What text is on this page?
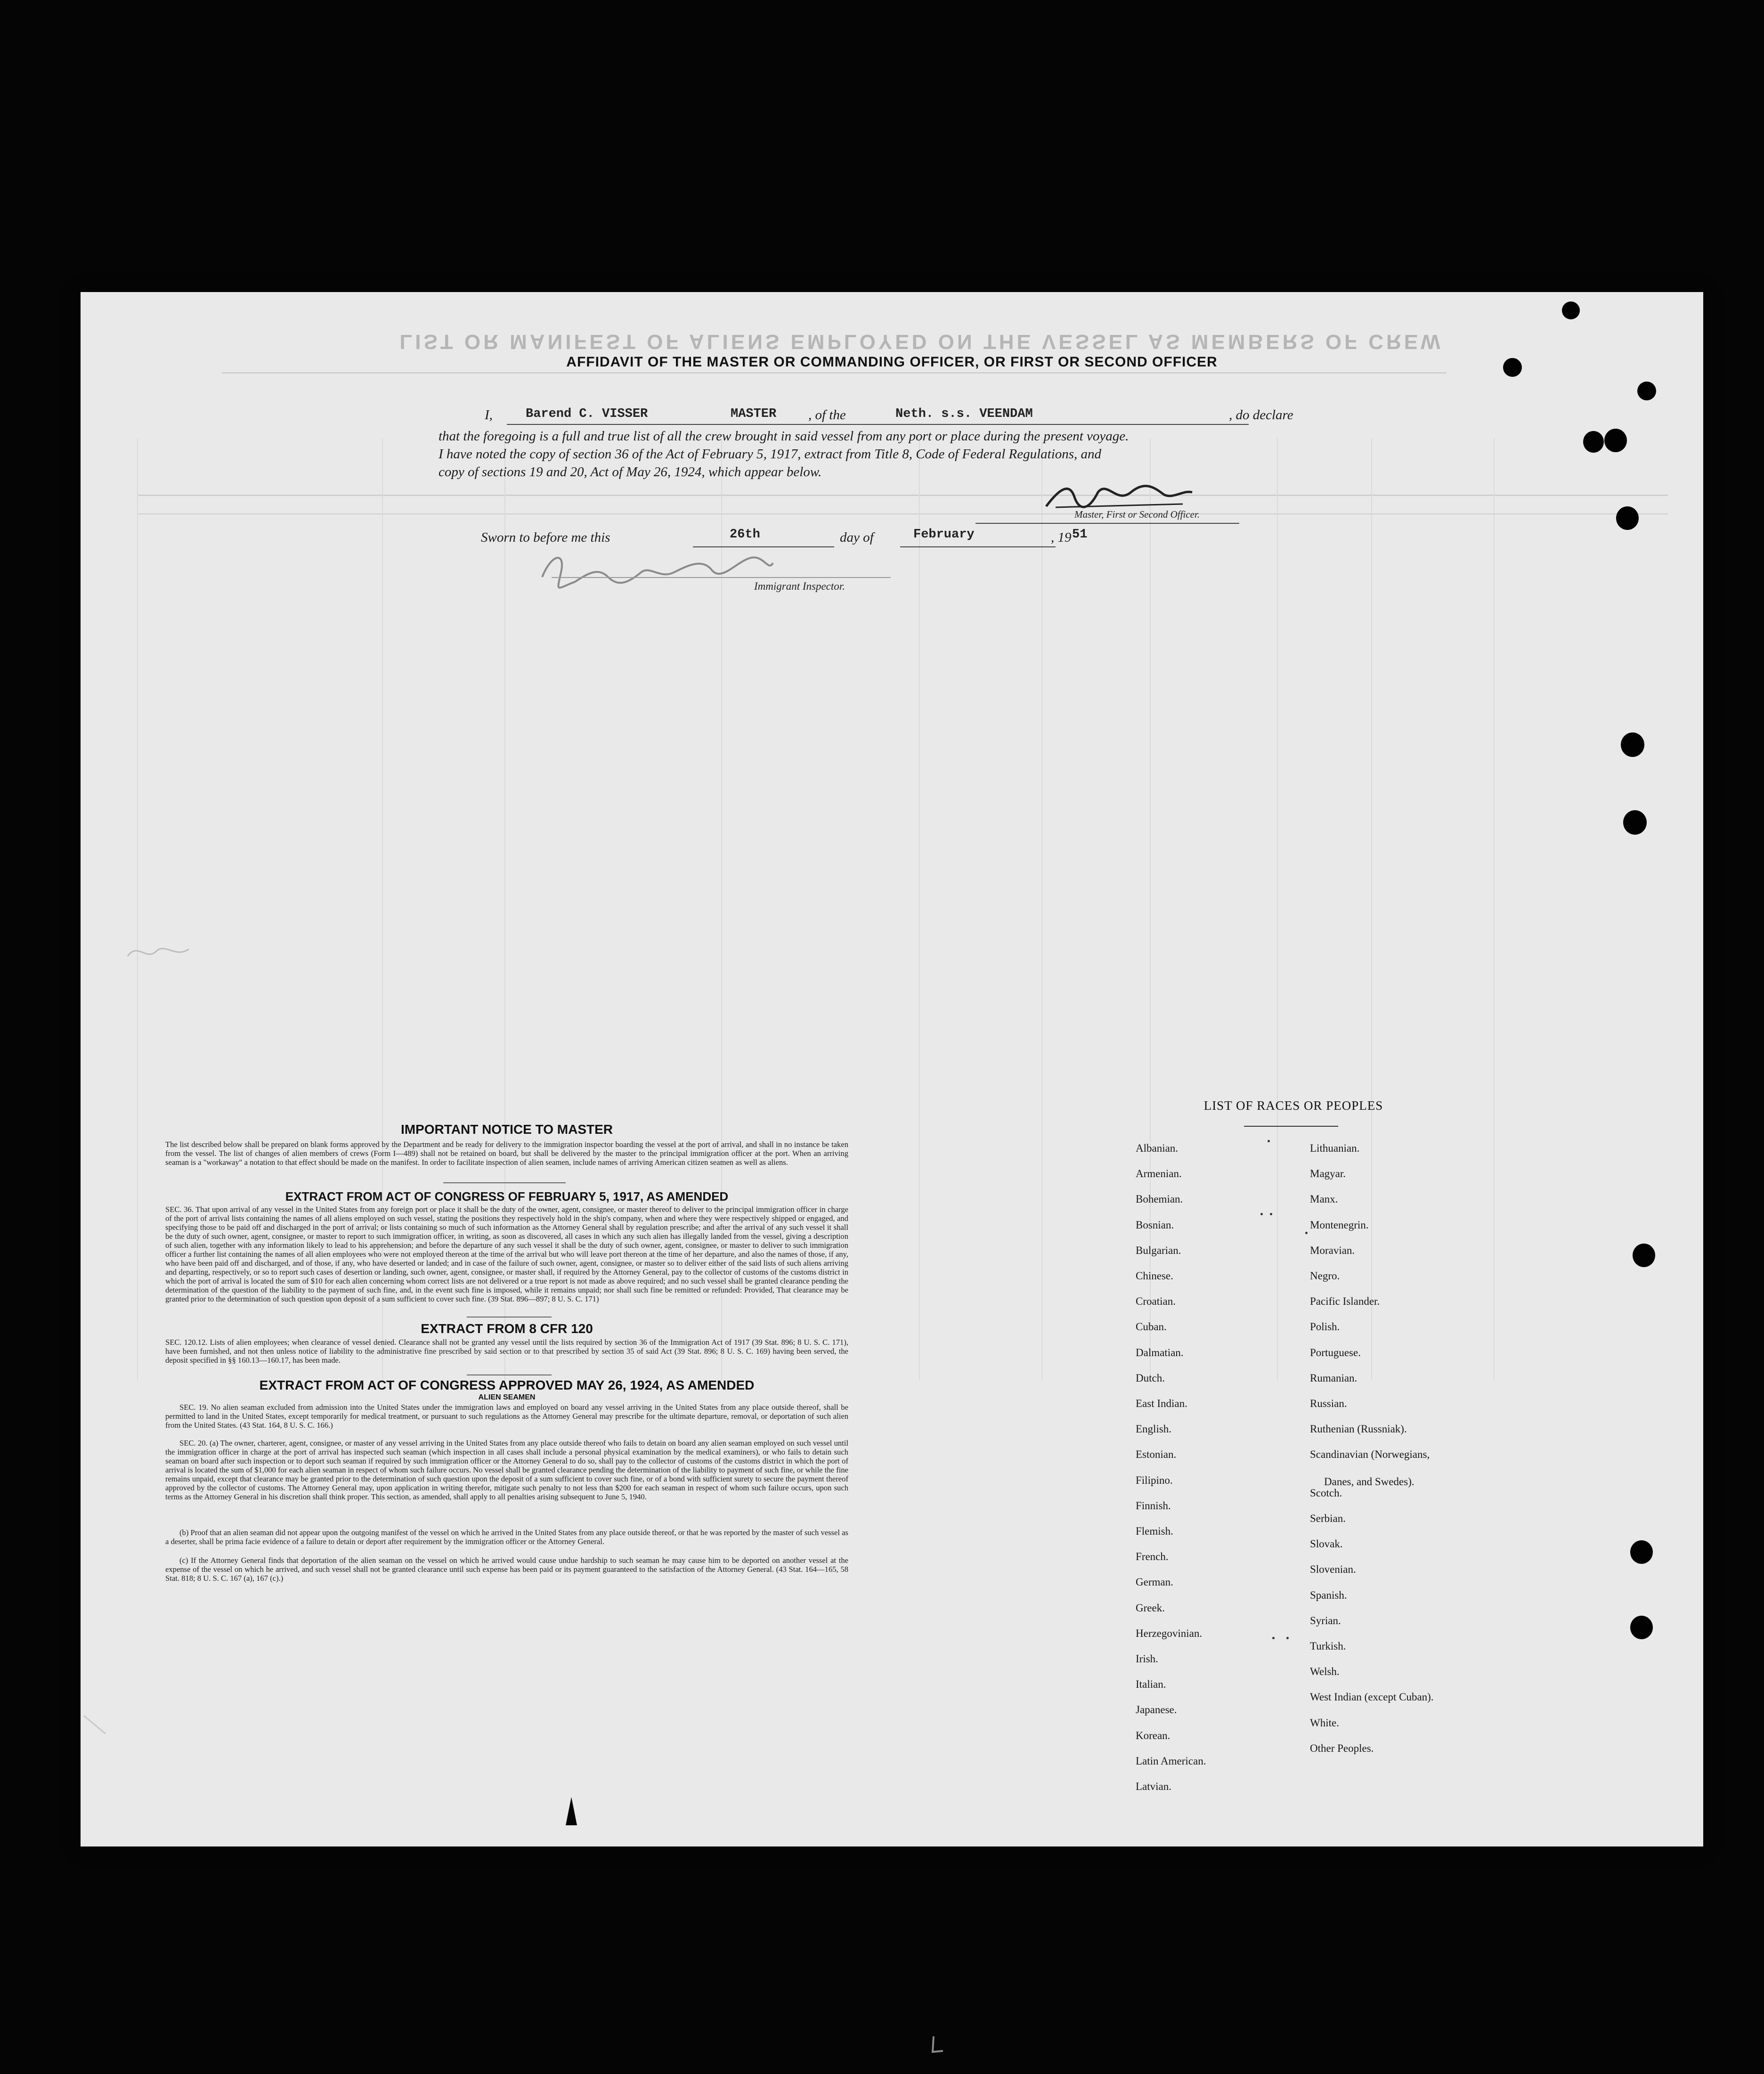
LIST OR MANIFEST OF ALIENS EMPLOYED ON THE VESSEL AS MEMBERS OF CREW
AFFIDAVIT OF THE MASTER OR COMMANDING OFFICER, OR FIRST OR SECOND OFFICER
I,	Barend C. VISSER	MASTER , of the	Neth. s.s. VEENDAM	, do declare
that the foregoing is a full and true list of all the crew brought in said vessel from any port or place during the present voyage.
I have noted the copy of section 36 of the Act of February 5, 1917, extract from Title 8, Code of Federal Regulations, and
copy of sections 19 and 20, Act of May 26, 1924, which appear below.
Master, First or Second Officer.
Sworn to before me this	26th	day of	February	, 19 51
Immigrant Inspector.
IMPORTANT NOTICE TO MASTER
The list described below shall be prepared on blank forms approved by the Department and be ready for delivery to the immigration inspector boarding the vessel at the port of arrival, and shall in no instance be taken from the vessel. The list of changes of alien members of crews (Form I—489) shall not be retained on board, but shall be delivered by the master to the principal immigration officer at the port. When an arriving seaman is a "workaway" a notation to that effect should be made on the manifest. In order to facilitate inspection of alien seamen, include names of arriving American citizen seamen as well as aliens.
EXTRACT FROM ACT OF CONGRESS OF FEBRUARY 5, 1917, AS AMENDED
SEC. 36. That upon arrival of any vessel in the United States from any foreign port or place it shall be the duty of the owner, agent, consignee, or master thereof to deliver to the principal immigration officer in charge of the port of arrival lists containing the names of all aliens employed on such vessel, stating the positions they respectively hold in the ship's company, when and where they were respectively shipped or engaged, and specifying those to be paid off and discharged in the port of arrival; or lists containing so much of such information as the Attorney General shall by regulation prescribe; and after the arrival of any such vessel it shall be the duty of such owner, agent, consignee, or master to report to such immigration officer, in writing, as soon as discovered, all cases in which any such alien has illegally landed from the vessel, giving a description of such alien, together with any information likely to lead to his apprehension; and before the departure of any such vessel it shall be the duty of such owner, agent, consignee, or master to deliver to such immigration officer a further list containing the names of all alien employees who were not employed thereon at the time of the arrival but who will leave port thereon at the time of her departure, and also the names of those, if any, who have been paid off and discharged, and of those, if any, who have deserted or landed; and in case of the failure of such owner, agent, consignee, or master so to deliver either of the said lists of such aliens arriving and departing, respectively, or so to report such cases of desertion or landing, such owner, agent, consignee, or master shall, if required by the Attorney General, pay to the collector of customs of the customs district in which the port of arrival is located the sum of $10 for each alien concerning whom correct lists are not delivered or a true report is not made as above required; and no such vessel shall be granted clearance pending the determination of the question of the liability to the payment of such fine, and, in the event such fine is imposed, while it remains unpaid; nor shall such fine be remitted or refunded: Provided, That clearance may be granted prior to the determination of such question upon deposit of a sum sufficient to cover such fine. (39 Stat. 896—897; 8 U. S. C. 171)
EXTRACT FROM 8 CFR 120
SEC. 120.12. Lists of alien employees; when clearance of vessel denied. Clearance shall not be granted any vessel until the lists required by section 36 of the Immigration Act of 1917 (39 Stat. 896; 8 U. S. C. 171), have been furnished, and not then unless notice of liability to the administrative fine prescribed by said section or to that prescribed by section 35 of said Act (39 Stat. 896; 8 U. S. C. 169) having been served, the deposit specified in §§ 160.13—160.17, has been made.
EXTRACT FROM ACT OF CONGRESS APPROVED MAY 26, 1924, AS AMENDED
ALIEN SEAMEN
SEC. 19. No alien seaman excluded from admission into the United States under the immigration laws and employed on board any vessel arriving in the United States from any place outside thereof, shall be permitted to land in the United States, except temporarily for medical treatment, or pursuant to such regulations as the Attorney General may prescribe for the ultimate departure, removal, or deportation of such alien from the United States. (43 Stat. 164, 8 U. S. C. 166.)
SEC. 20. (a) The owner, charterer, agent, consignee, or master of any vessel arriving in the United States from any place outside thereof who fails to detain on board any alien seaman employed on such vessel until the immigration officer in charge at the port of arrival has inspected such seaman (which inspection in all cases shall include a personal physical examination by the medical examiners), or who fails to detain such seaman on board after such inspection or to deport such seaman if required by such immigration officer or the Attorney General to do so, shall pay to the collector of customs of the customs district in which the port of arrival is located the sum of $1,000 for each alien seaman in respect of whom such failure occurs. No vessel shall be granted clearance pending the determination of the liability to payment of such fine, or while the fine remains unpaid, except that clearance may be granted prior to the determination of such question upon the deposit of a sum sufficient to cover such fine, or of a bond with sufficient surety to secure the payment thereof approved by the collector of customs. The Attorney General may, upon application in writing therefor, mitigate such penalty to not less than $200 for each seaman in respect of whom such failure occurs, upon such terms as the Attorney General in his discretion shall think proper. This section, as amended, shall apply to all penalties arising subsequent to June 5, 1940.
(b) Proof that an alien seaman did not appear upon the outgoing manifest of the vessel on which he arrived in the United States from any place outside thereof, or that he was reported by the master of such vessel as a deserter, shall be prima facie evidence of a failure to detain or deport after requirement by the immigration officer or the Attorney General.
(c) If the Attorney General finds that deportation of the alien seaman on the vessel on which he arrived would cause undue hardship to such seaman he may cause him to be deported on another vessel at the expense of the vessel on which he arrived, and such vessel shall not be granted clearance until such expense has been paid or its payment guaranteed to the satisfaction of the Attorney General. (43 Stat. 164—165, 58 Stat. 818; 8 U. S. C. 167 (a), 167 (c).)
LIST OF RACES OR PEOPLES
Albanian.
Armenian.
Bohemian.
Bosnian.
Bulgarian.
Chinese.
Croatian.
Cuban.
Dalmatian.
Dutch.
East Indian.
English.
Estonian.
Filipino.
Finnish.
Flemish.
French.
German.
Greek.
Herzegovinian.
Irish.
Italian.
Japanese.
Korean.
Latin American.
Latvian.
Lithuanian.
Magyar.
Manx.
Montenegrin.
Moravian.
Negro.
Pacific Islander.
Polish.
Portuguese.
Rumanian.
Russian.
Ruthenian (Russniak).
Scandinavian (Norwegians,
Danes, and Swedes).
Scotch.
Serbian.
Slovak.
Slovenian.
Spanish.
Syrian.
Turkish.
Welsh.
West Indian (except Cuban).
White.
Other Peoples.
